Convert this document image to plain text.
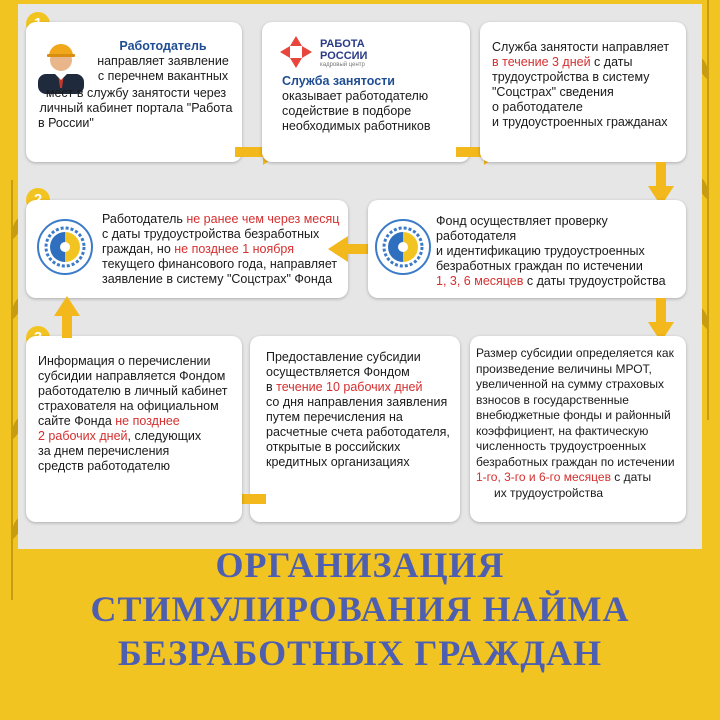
Работодатель
направляет заявление
с перечнем вакантных
мест в службу занятости через
личный кабинет портала "Работа
в России"
РАБОТА
РОССИИ
кадровый центр
Служба занятости
оказывает работодателю
содействие в подборе
необходимых работников
Служба занятости направляет
в течение 3 дней с даты
трудоустройства в систему
"Соцстрах" сведения
о работодателе
и трудоустроенных гражданах
Работодатель не ранее чем через месяц
с даты трудоустройства безработных
граждан, но не позднее 1 ноября
текущего финансового года, направляет
заявление в систему "Соцстрах" Фонда
Фонд осуществляет проверку работодателя
и идентификацию трудоустроенных
безработных граждан по истечении
1, 3, 6 месяцев с даты трудоустройства
Размер субсидии определяется как
произведение величины МРОТ,
увеличенной на сумму страховых
взносов в государственные
внебюджетные фонды и районный
коэффициент, на фактическую
численность трудоустроенных
безработных граждан по истечении
1-го, 3-го и 6-го месяцев с даты
их трудоустройства
Предоставление субсидии
осуществляется Фондом
в течение 10 рабочих дней
со дня направления заявления
путем перечисления на
расчетные счета работодателя,
открытые в российских
кредитных организациях
Информация о перечислении
субсидии направляется Фондом
работодателю в личный кабинет
страхователя на официальном
сайте Фонда не позднее
2 рабочих дней, следующих
за днем перечисления
средств работодателю
ОРГАНИЗАЦИЯ
СТИМУЛИРОВАНИЯ НАЙМА
БЕЗРАБОТНЫХ ГРАЖДАН
